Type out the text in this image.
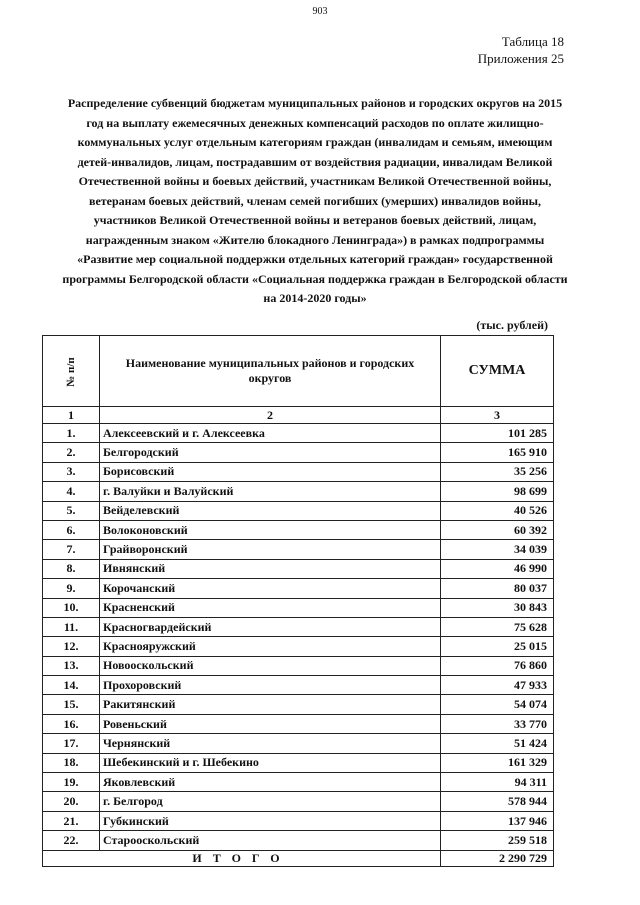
903
Таблица 18
Приложения 25
Распределение субвенций бюджетам муниципальных районов и городских округов на 2015 год на выплату ежемесячных денежных компенсаций расходов по оплате жилищно-коммунальных услуг отдельным категориям граждан (инвалидам и семьям, имеющим детей-инвалидов, лицам, пострадавшим от воздействия радиации, инвалидам Великой Отечественной войны и боевых действий, участникам Великой Отечественной войны, ветеранам боевых действий, членам семей погибших (умерших) инвалидов войны, участников Великой Отечественной войны и ветеранов боевых действий, лицам, награжденным знаком «Жителю блокадного Ленинграда») в рамках подпрограммы «Развитие мер социальной поддержки отдельных категорий граждан» государственной программы Белгородской области «Социальная поддержка граждан в Белгородской области на 2014-2020 годы»
(тыс. рублей)
№ п/п	Наименование муниципальных районов и городских округов	СУММА
1	2	3
1.	Алексеевский и г. Алексеевка	101 285
2.	Белгородский	165 910
3.	Борисовский	35 256
4.	г. Валуйки и Валуйский	98 699
5.	Вейделевский	40 526
6.	Волоконовский	60 392
7.	Грайворонский	34 039
8.	Ивнянский	46 990
9.	Корочанский	80 037
10.	Красненский	30 843
11.	Красногвардейский	75 628
12.	Краснояружский	25 015
13.	Новооскольский	76 860
14.	Прохоровский	47 933
15.	Ракитянский	54 074
16.	Ровеньский	33 770
17.	Чернянский	51 424
18.	Шебекинский и г. Шебекино	161 329
19.	Яковлевский	94 311
20.	г. Белгород	578 944
21.	Губкинский	137 946
22.	Старооскольский	259 518
ИТОГО		2 290 729
